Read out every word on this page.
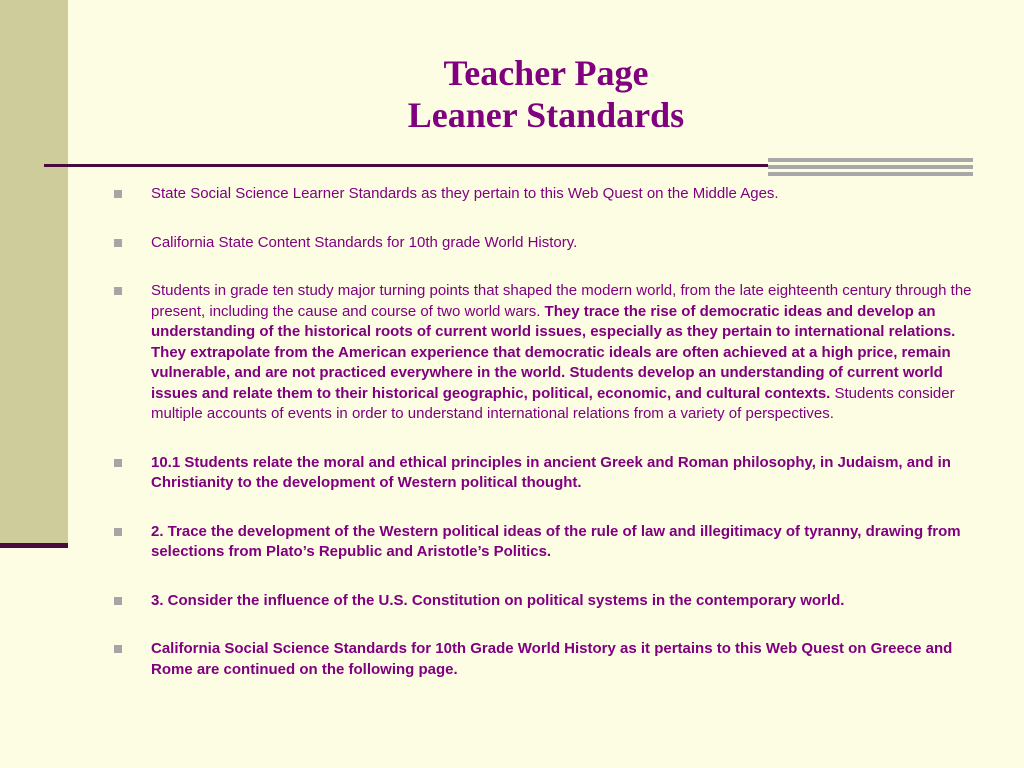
Teacher Page
Leaner Standards
State Social Science Learner Standards as they pertain to this Web Quest on the Middle Ages.
California State Content Standards for 10th grade World History.
Students in grade ten study major turning points that shaped the modern world, from the late eighteenth century through the present, including the cause and course of two world wars. They trace the rise of democratic ideas and develop an understanding of the historical roots of current world issues, especially as they pertain to international relations. They extrapolate from the American experience that democratic ideals are often achieved at a high price, remain vulnerable, and are not practiced everywhere in the world. Students develop an understanding of current world issues and relate them to their historical geographic, political, economic, and cultural contexts. Students consider multiple accounts of events in order to understand international relations from a variety of perspectives.
10.1 Students relate the moral and ethical principles in ancient Greek and Roman philosophy, in Judaism, and in Christianity to the development of Western political thought.
2. Trace the development of the Western political ideas of the rule of law and illegitimacy of tyranny, drawing from selections from Plato’s Republic and Aristotle’s Politics.
3. Consider the influence of the U.S. Constitution on political systems in the contemporary world.
California Social Science Standards for 10th Grade World History as it pertains to this Web Quest on Greece and Rome are continued on the following page.
